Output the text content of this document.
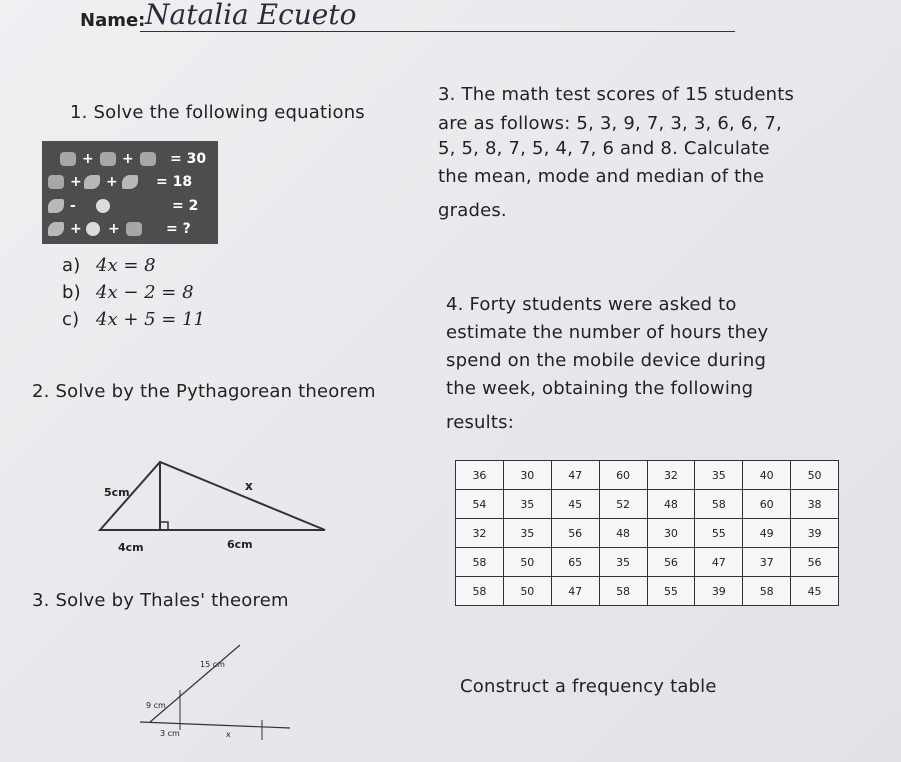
Name: Natalia Ecueto
1. Solve the following equations
+ +	= 30
+ +	= 18
-	= 2
+ +	= ?
a) 4x = 8
b) 4x − 2 = 8
c) 4x + 5 = 11
2. Solve by the Pythagorean theorem
5cm	x
4cm	6cm
3. Solve by Thales' theorem
15 cm
9 cm
3 cm	x
3. The math test scores of 15 students
are as follows: 5, 3, 9, 7, 3, 3, 6, 6, 7,
5, 5, 8, 7, 5, 4, 7, 6 and 8. Calculate
the mean, mode and median of the
grades.
4. Forty students were asked to
estimate the number of hours they
spend on the mobile device during
the week, obtaining the following
results:
36	30	47	60	32	35	40	50
54	35	45	52	48	58	60	38
32	35	56	48	30	55	49	39
58	50	65	35	56	47	37	56
58	50	47	58	55	39	58	45
Construct a frequency table
